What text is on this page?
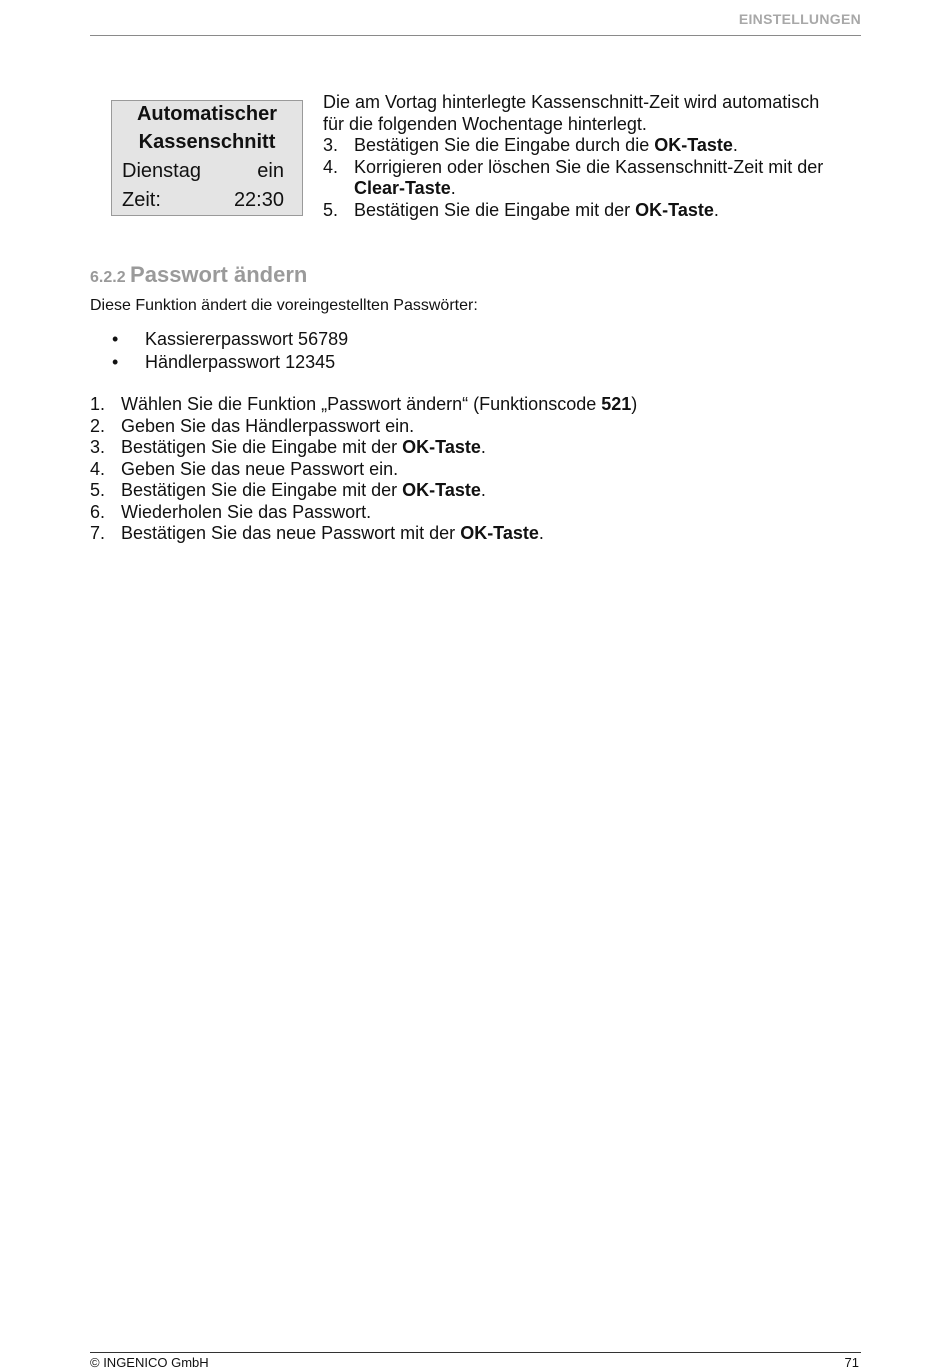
EINSTELLUNGEN
Automatischer
Kassenschnitt
Dienstag	ein
Zeit:	22:30
Die am Vortag hinterlegte Kassenschnitt-Zeit wird automatisch
für die folgenden Wochentage hinterlegt.
3. Bestätigen Sie die Eingabe durch die OK-Taste.
4. Korrigieren oder löschen Sie die Kassenschnitt-Zeit mit der
Clear-Taste.
5. Bestätigen Sie die Eingabe mit der OK-Taste.
6.2.2 Passwort ändern
Diese Funktion ändert die voreingestellten Passwörter:
•	Kassiererpasswort 56789
•	Händlerpasswort 12345
1. Wählen Sie die Funktion „Passwort ändern“ (Funktionscode 521)
2. Geben Sie das Händlerpasswort ein.
3. Bestätigen Sie die Eingabe mit der OK-Taste.
4. Geben Sie das neue Passwort ein.
5. Bestätigen Sie die Eingabe mit der OK-Taste.
6. Wiederholen Sie das Passwort.
7. Bestätigen Sie das neue Passwort mit der OK-Taste.
© INGENICO GmbH	71
